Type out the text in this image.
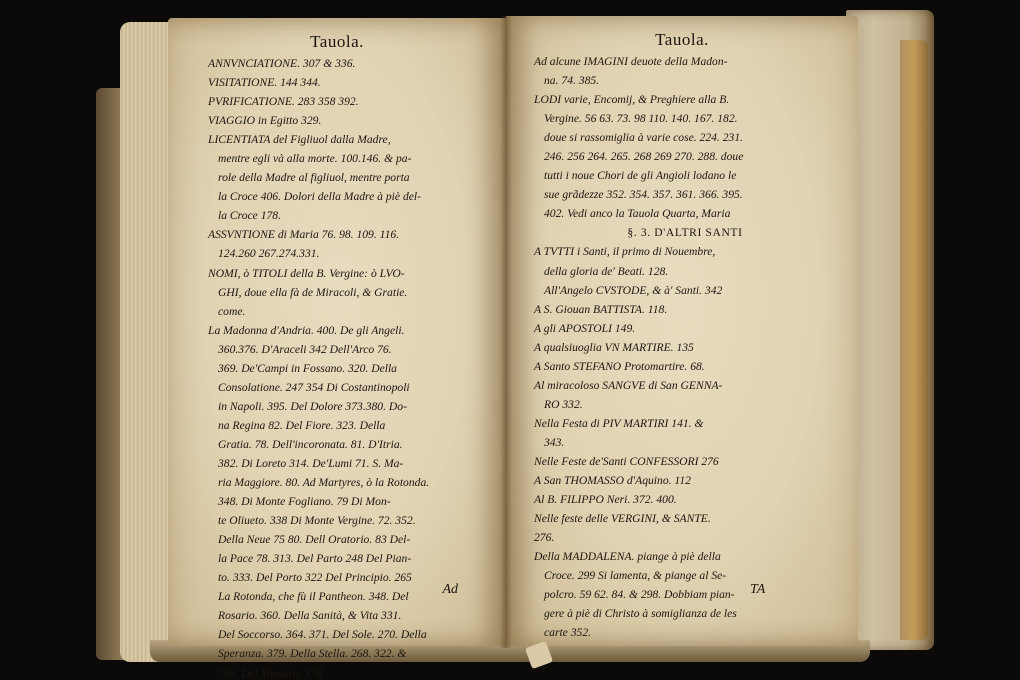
Tauola.
ANNVNCIATIONE. 307 & 336.
VISITATIONE. 144 344.
PVRIFICATIONE. 283 358 392.
VIAGGIO in Egitto 329.
LICENTIATA del Figliuol dalla Madre,
mentre egli và alla morte. 100.146. & pa-
role della Madre al figliuol, mentre porta
la Croce 406. Dolori della Madre à piè del-
la Croce 178.
ASSVNTIONE di Maria 76. 98. 109. 116.
124.260 267.274.331.
NOMI, ò TITOLI della B. Vergine: ò LVO-
GHI, doue ella fà de Miracoli, & Gratie.
come.
La Madonna d'Andria. 400. De gli Angeli.
360.376. D'Araceli 342 Dell'Arco 76.
369. De'Campi in Fossano. 320. Della
Consolatione. 247 354 Di Costantinopoli
in Napoli. 395. Del Dolore 373.380. Do-
na Regina 82. Del Fiore. 323. Della
Gratia. 78. Dell'incoronata. 81. D'Itria.
382. Di Loreto 314. De'Lumi 71. S. Ma-
ria Maggiore. 80. Ad Martyres, ò la Rotonda.
348. Di Monte Fogliano. 79 Di Mon-
te Oliueto. 338 Di Monte Vergine. 72. 352.
Della Neue 75 80. Dell Oratorio. 83 Del-
la Pace 78. 313. Del Parto 248 Del Pian-
to. 333. Del Porto 322 Del Principio. 265
La Rotonda, che fù il Pantheon. 348. Del
Rosario. 360. Della Sanità, & Vita 331.
Del Soccorso. 364. 371. Del Sole. 270. Della
Speranza. 379. Della Stella. 268. 322. &
383. Del Thesoro. 378.
Ad
Tauola.
Ad alcune IMAGINI deuote della Madon-
na. 74. 385.
LODI varie, Encomij, & Preghiere alla B.
Vergine. 56 63. 73. 98 110. 140. 167. 182.
doue si rassomiglia à varie cose. 224. 231.
246. 256 264. 265. 268 269 270. 288. doue
tutti i noue Chori de gli Angioli lodano le
sue grãdezze 352. 354. 357. 361. 366. 395.
402. Vedi anco la Tauola Quarta, Maria
§. 3. D'ALTRI SANTI
A TVTTI i Santi, il primo di Nouembre,
della gloria de' Beati. 128.
All'Angelo CVSTODE, & à' Santi. 342
A S. Giouan BATTISTA. 118.
A gli APOSTOLI 149.
A qualsiuoglia VN MARTIRE. 135
A Santo STEFANO Protomartire. 68.
Al miracoloso SANGVE di San GENNA-
RO 332.
Nella Festa di PIV MARTIRI 141. &
343.
Nelle Feste de'Santi CONFESSORI 276
A San THOMASSO d'Aquino. 112
Al B. FILIPPO Neri. 372. 400.
Nelle feste delle VERGINI, & SANTE.
276.
Della MADDALENA. piange à piè della
Croce. 299 Si lamenta, & piange al Se-
polcro. 59 62. 84. & 298. Dobbiam pian-
gere à piè di Christo à somiglianza de les
carte 352.
TA
